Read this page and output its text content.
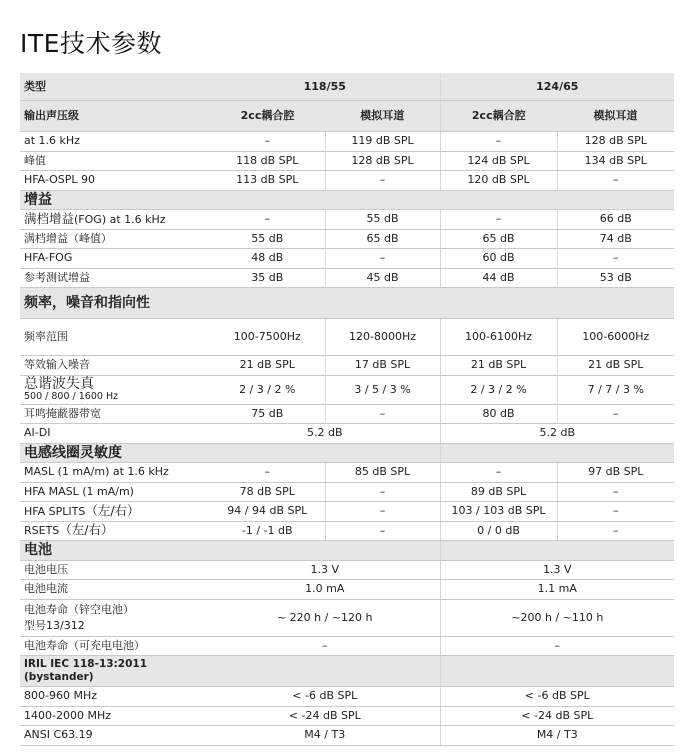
ITE技术参数
类型	118/55		124/65	
输出声压级	2cc耦合腔	模拟耳道	2cc耦合腔	模拟耳道
at 1.6 kHz	–	119 dB SPL	–	128 dB SPL
峰值	118 dB SPL	128 dB SPL	124 dB SPL	134 dB SPL
HFA-OSPL 90	113 dB SPL	–	120 dB SPL	–
增益				
满档增益(FOG) at 1.6 kHz	–	55 dB	–	66 dB
满档增益（峰值）	55 dB	65 dB	65 dB	74 dB
HFA-FOG	48 dB	–	60 dB	–
参考测试增益	35 dB	45 dB	44 dB	53 dB
频率，噪音和指向性				
频率范围	100-7500Hz	120-8000Hz	100-6100Hz	100-6000Hz
等效输入噪音	21 dB SPL	17 dB SPL	21 dB SPL	21 dB SPL
总谐波失真
500 / 800 / 1600 Hz	2 / 3 / 2 %	3 / 5 / 3 %	2 / 3 / 2 %	7 / 7 / 3 %
耳鸣掩蔽器带宽	75 dB	–	80 dB	–
AI-DI	5.2 dB		5.2 dB	
电感线圈灵敏度				
MASL (1 mA/m) at 1.6 kHz	–	85 dB SPL	–	97 dB SPL
HFA MASL (1 mA/m)	78 dB SPL	–	89 dB SPL	–
HFA SPLITS（左/右）	94 / 94 dB SPL	–	103 / 103 dB SPL	–
RSETS（左/右）	-1 / -1 dB	–	0 / 0 dB	–
电池				
电池电压	1.3 V		1.3 V	
电池电流	1.0 mA		1.1 mA	
电池寿命（锌空电池）
型号13/312	~ 220 h / ~120 h		~200 h / ~110 h	
电池寿命（可充电电池）	–		–	
IRIL IEC 118-13:2011
(bystander)				
800-960 MHz	< -6 dB SPL		< -6 dB SPL	
1400-2000 MHz	< -24 dB SPL		< -24 dB SPL	
ANSI C63.19	M4 / T3		M4 / T3	
